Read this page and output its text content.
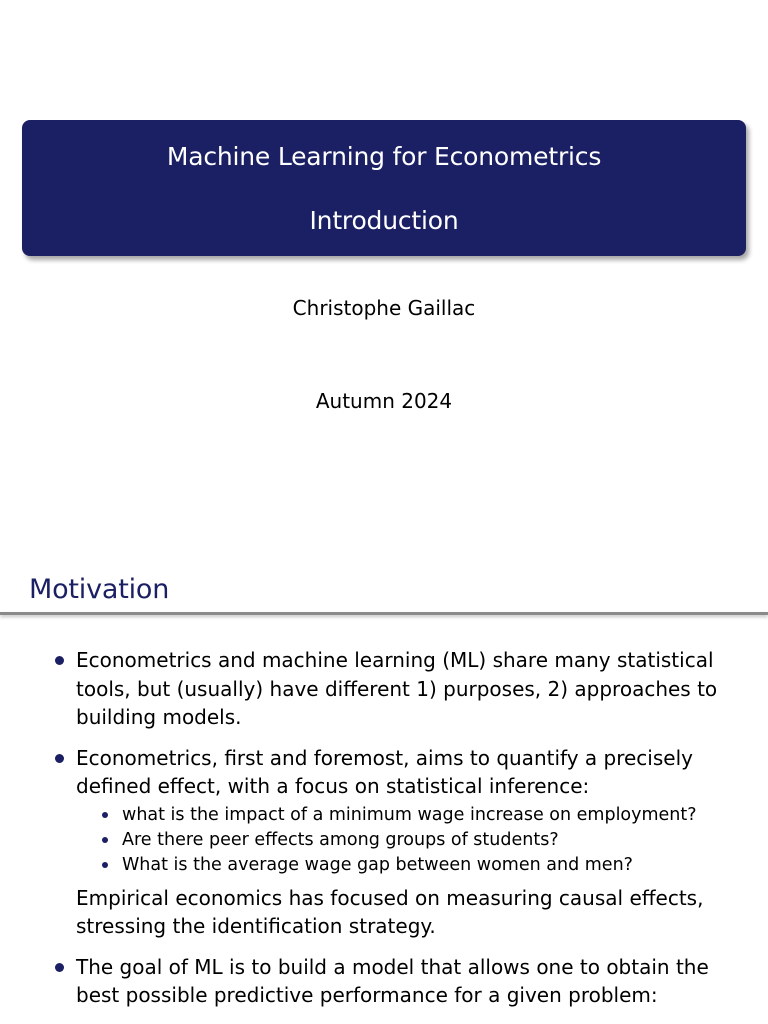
Machine Learning for Econometrics
Introduction
Christophe Gaillac
Autumn 2024
Motivation
Econometrics and machine learning (ML) share many statistical tools, but (usually) have different 1) purposes, 2) approaches to building models.
Econometrics, first and foremost, aims to quantify a precisely defined effect, with a focus on statistical inference:
what is the impact of a minimum wage increase on employment?
Are there peer effects among groups of students?
What is the average wage gap between women and men?
Empirical economics has focused on measuring causal effects, stressing the identification strategy.
The goal of ML is to build a model that allows one to obtain the best possible predictive performance for a given problem:
